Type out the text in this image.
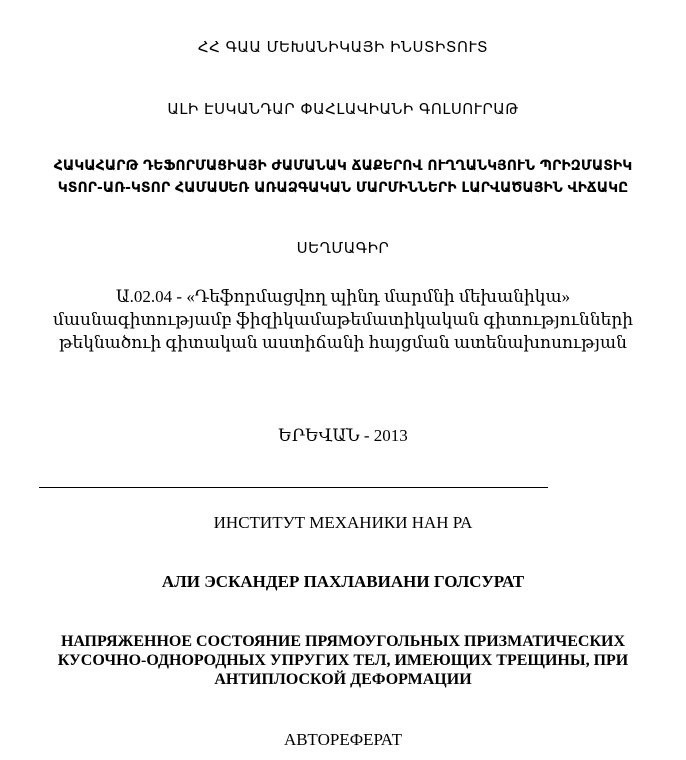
ՀՀ ԳԱԱ ՄԵԽԱՆԻԿԱՅԻ ԻՆՍՏԻՏՈՒՏ
ԱԼԻ ԷՍԿԱՆԴԱՐ ՓԱՀԼԱՎԻԱՆԻ ԳՈԼՍՈՒՐԱԹ
ՀԱԿԱՀԱՐԹ ԴԵՖՈՐՄԱՑԻԱՅԻ ԺԱՄԱՆԱԿ ՃԱՔԵՐՈՎ ՈՒՂՂԱՆԿՅՈՒՆ ՊՐԻԶՄԱՏԻԿ
ԿՏՈՐ-ԱՌ-ԿՏՈՐ ՀԱՄԱՍԵՌ ԱՌԱՁԳԱԿԱՆ ՄԱՐՄԻՆՆԵՐԻ ԼԱՐՎԱԾԱՅԻՆ ՎԻՃԱԿԸ
ՍԵՂՄԱԳԻՐ
Ա.02.04 - «Դեֆորմացվող պինդ մարմնի մեխանիկա»
մասնագիտությամբ ֆիզիկամաթեմատիկական գիտությունների
թեկնածուի գիտական աստիճանի հայցման ատենախոսության
ԵՐԵՎԱՆ - 2013
ИНСТИТУТ МЕХАНИКИ НАН РА
АЛИ ЭСКАНДЕР ПАХЛАВИАНИ ГОЛСУРАТ
НАПРЯЖЕННОЕ СОСТОЯНИЕ ПРЯМОУГОЛЬНЫХ ПРИЗМАТИЧЕСКИХ
КУСОЧНО-ОДНОРОДНЫХ УПРУГИХ ТЕЛ, ИМЕЮЩИХ ТРЕЩИНЫ, ПРИ
АНТИПЛОСКОЙ ДЕФОРМАЦИИ
АВТОРЕФЕРАТ
